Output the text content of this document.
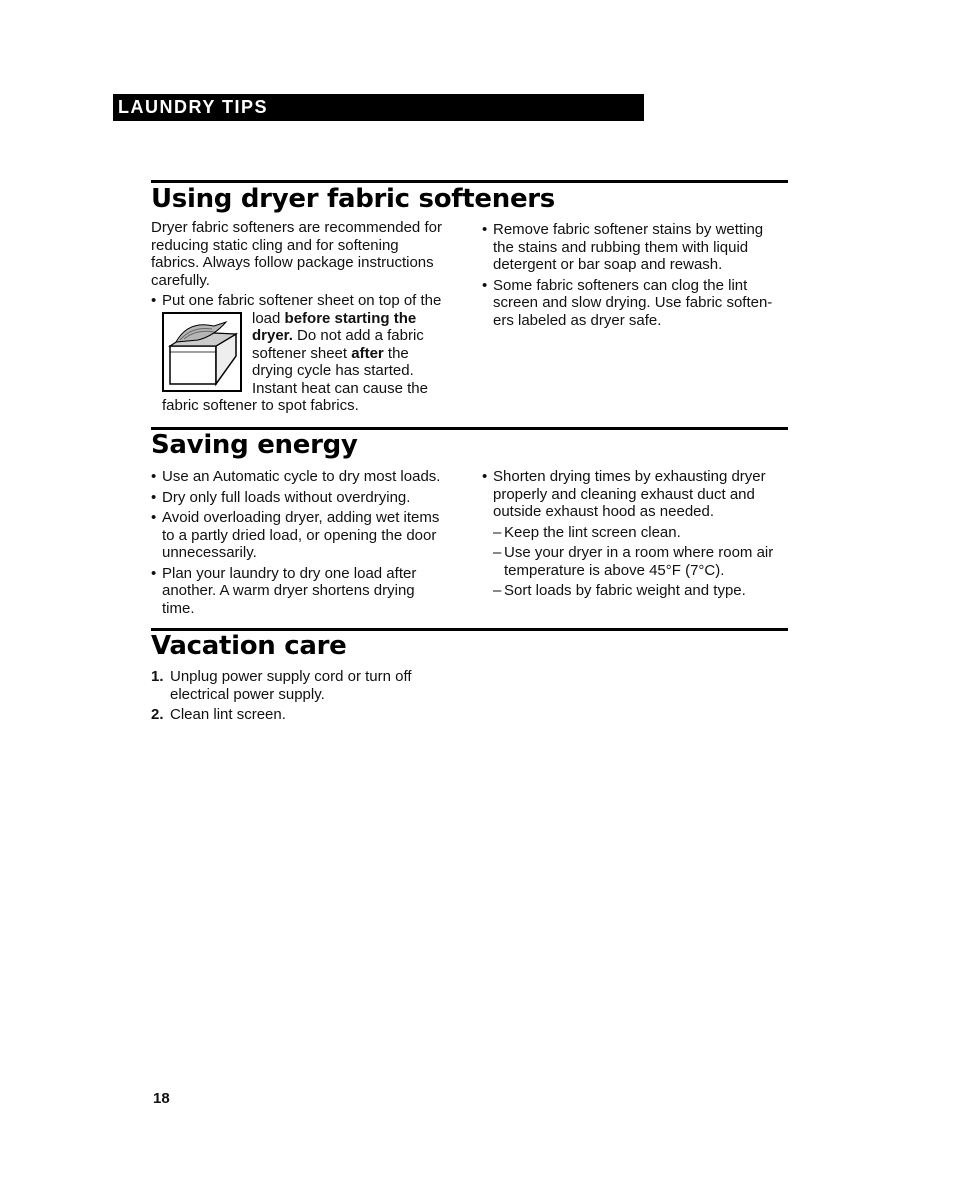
LAUNDRY TIPS
Using dryer fabric softeners

Dryer fabric softeners are recommended for reducing static cling and for softening fabrics. Always follow package instructions carefully.

• Put one fabric softener sheet on top of the load
before starting the dryer. Do not add a fabric softener sheet after the drying cycle has started. Instant heat can cause the fabric softener to spot fabrics.
• Remove fabric softener stains by wetting the stains and rubbing them with liquid detergent or bar soap and rewash.
• Some fabric softeners can clog the lint screen and slow drying. Use fabric soften-ers labeled as dryer safe.
Saving energy
• Use an Automatic cycle to dry most loads.
• Dry only full loads without overdrying.
• Avoid overloading dryer, adding wet items to a partly dried load, or opening the door unnecessarily.
• Plan your laundry to dry one load after another. A warm dryer shortens drying time.
• Shorten drying times by exhausting dryer properly and cleaning exhaust duct and outside exhaust hood as needed.
– Keep the lint screen clean.
– Use your dryer in a room where room air temperature is above 45°F (7°C).
– Sort loads by fabric weight and type.
Vacation care
1. Unplug power supply cord or turn off electrical power supply.
2. Clean lint screen.
18
